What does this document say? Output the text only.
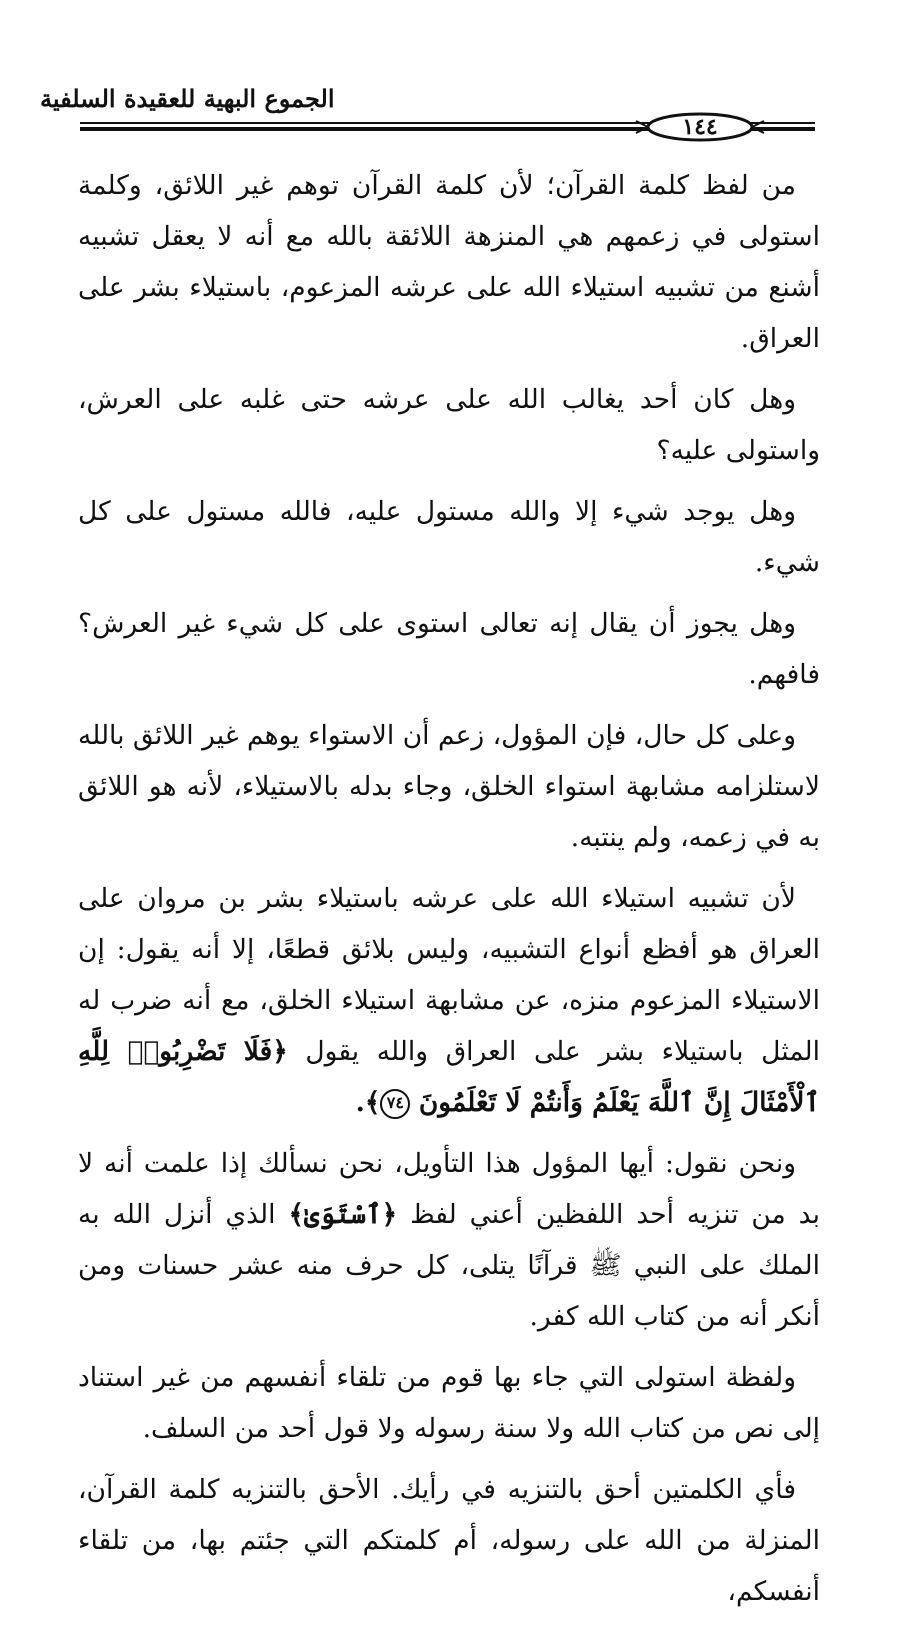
الجموع البهية للعقيدة السلفية
١٤٤

من لفظ كلمة القرآن؛ لأن كلمة القرآن توهم غير اللائق، وكلمة استولى في زعمهم هي المنزهة اللائقة بالله مع أنه لا يعقل تشبيه أشنع من تشبيه استيلاء الله على عرشه المزعوم، باستيلاء بشر على العراق.

وهل كان أحد يغالب الله على عرشه حتى غلبه على العرش، واستولى عليه؟

وهل يوجد شيء إلا والله مستول عليه، فالله مستول على كل شيء.

وهل يجوز أن يقال إنه تعالى استوى على كل شيء غير العرش؟ فافهم.

وعلى كل حال، فإن المؤول، زعم أن الاستواء يوهم غير اللائق بالله لاستلزامه مشابهة استواء الخلق، وجاء بدله بالاستيلاء، لأنه هو اللائق به في زعمه، ولم ينتبه.

لأن تشبيه استيلاء الله على عرشه باستيلاء بشر بن مروان على العراق هو أفظع أنواع التشبيه، وليس بلائق قطعًا، إلا أنه يقول: إن الاستيلاء المزعوم منزه، عن مشابهة استيلاء الخلق، مع أنه ضرب له المثل باستيلاء بشر على العراق والله يقول ﴿فَلَا تَضْرِبُوا۟ لِلَّهِ ٱلْأَمْثَالَ إِنَّ ٱللَّهَ يَعْلَمُ وَأَنتُمْ لَا تَعْلَمُونَ ٧٤﴾.

ونحن نقول: أيها المؤول هذا التأويل، نحن نسألك إذا علمت أنه لا بد من تنزيه أحد اللفظين أعني لفظ ﴿ٱسْتَوَىٰ﴾ الذي أنزل الله به الملك على النبي ﷺ قرآنًا يتلى، كل حرف منه عشر حسنات ومن أنكر أنه من كتاب الله كفر.

ولفظة استولى التي جاء بها قوم من تلقاء أنفسهم من غير استناد إلى نص من كتاب الله ولا سنة رسوله ولا قول أحد من السلف.

فأي الكلمتين أحق بالتنزيه في رأيك. الأحق بالتنزيه كلمة القرآن، المنزلة من الله على رسوله، أم كلمتكم التي جئتم بها، من تلقاء أنفسكم،
